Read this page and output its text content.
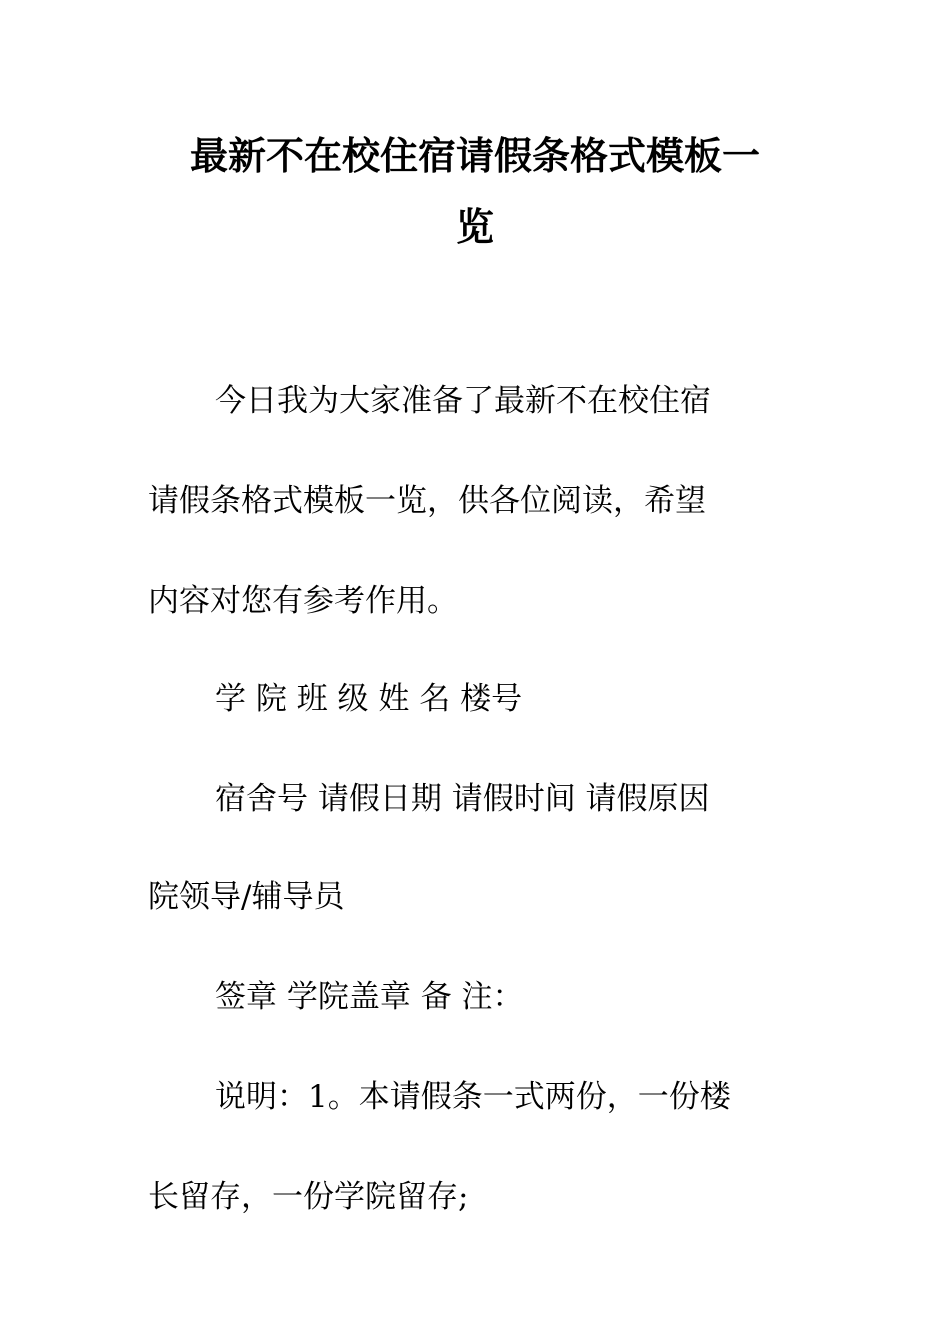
最新不在校住宿请假条格式模板一
览

今日我为大家准备了最新不在校住宿

请假条格式模板一览，供各位阅读，希望

内容对您有参考作用。

学 院 班 级 姓 名 楼号

宿舍号 请假日期 请假时间 请假原因

院领导/辅导员

签章 学院盖章 备 注：

说明：1。本请假条一式两份，一份楼

长留存，一份学院留存;
